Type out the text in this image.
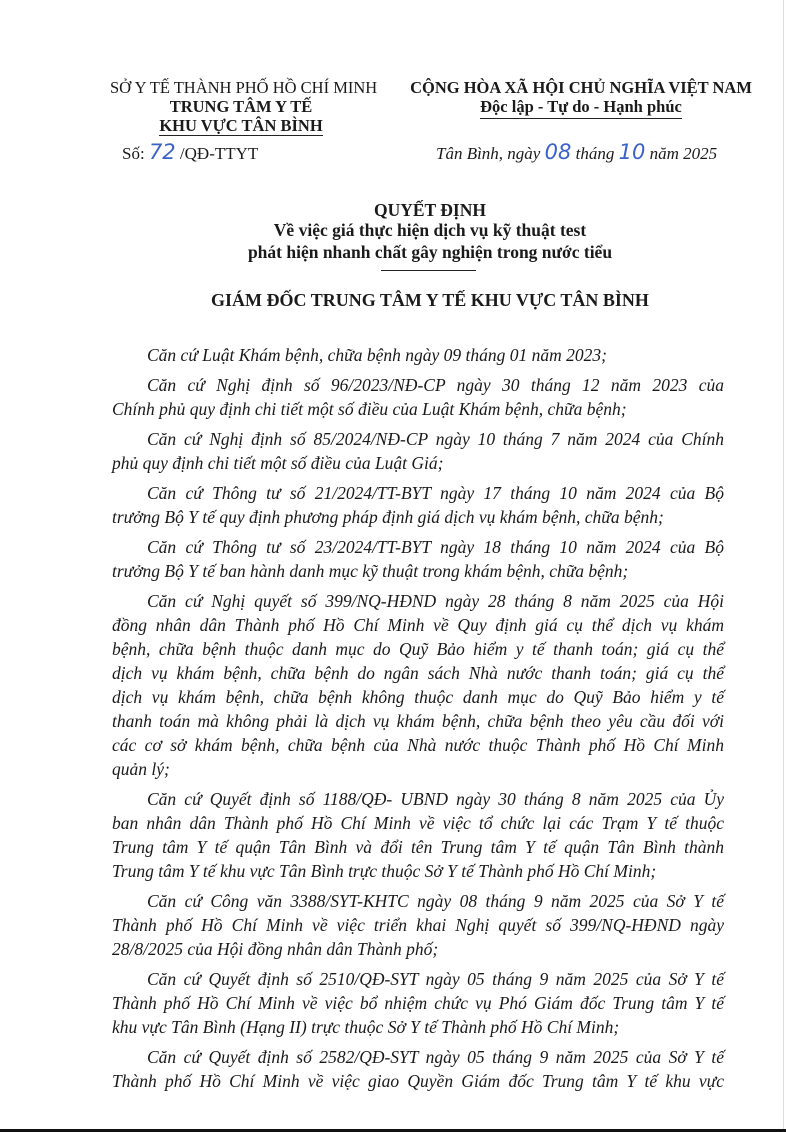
SỞ Y TẾ THÀNH PHỐ HỒ CHÍ MINH
TRUNG TÂM Y TẾ
KHU VỰC TÂN BÌNH
Số: 72 /QĐ-TTYT
CỘNG HÒA XÃ HỘI CHỦ NGHĨA VIỆT NAM
Độc lập - Tự do - Hạnh phúc
Tân Bình, ngày 08 tháng 10 năm 2025
QUYẾT ĐỊNH
Về việc giá thực hiện dịch vụ kỹ thuật test
phát hiện nhanh chất gây nghiện trong nước tiểu
GIÁM ĐỐC TRUNG TÂM Y TẾ KHU VỰC TÂN BÌNH
Căn cứ Luật Khám bệnh, chữa bệnh ngày 09 tháng 01 năm 2023;
Căn cứ Nghị định số 96/2023/NĐ-CP ngày 30 tháng 12 năm 2023 của
Chính phủ quy định chi tiết một số điều của Luật Khám bệnh, chữa bệnh;
Căn cứ Nghị định số 85/2024/NĐ-CP ngày 10 tháng 7 năm 2024 của Chính
phủ quy định chi tiết một số điều của Luật Giá;
Căn cứ Thông tư số 21/2024/TT-BYT ngày 17 tháng 10 năm 2024 của Bộ
trưởng Bộ Y tế quy định phương pháp định giá dịch vụ khám bệnh, chữa bệnh;
Căn cứ Thông tư số 23/2024/TT-BYT ngày 18 tháng 10 năm 2024 của Bộ
trưởng Bộ Y tế ban hành danh mục kỹ thuật trong khám bệnh, chữa bệnh;
Căn cứ Nghị quyết số 399/NQ-HĐND ngày 28 tháng 8 năm 2025 của Hội
đồng nhân dân Thành phố Hồ Chí Minh về Quy định giá cụ thể dịch vụ khám
bệnh, chữa bệnh thuộc danh mục do Quỹ Bảo hiểm y tế thanh toán; giá cụ thể
dịch vụ khám bệnh, chữa bệnh do ngân sách Nhà nước thanh toán; giá cụ thể
dịch vụ khám bệnh, chữa bệnh không thuộc danh mục do Quỹ Bảo hiểm y tế
thanh toán mà không phải là dịch vụ khám bệnh, chữa bệnh theo yêu cầu đối với
các cơ sở khám bệnh, chữa bệnh của Nhà nước thuộc Thành phố Hồ Chí Minh
quản lý;
Căn cứ Quyết định số 1188/QĐ- UBND ngày 30 tháng 8 năm 2025 của Ủy
ban nhân dân Thành phố Hồ Chí Minh về việc tổ chức lại các Trạm Y tế thuộc
Trung tâm Y tế quận Tân Bình và đổi tên Trung tâm Y tế quận Tân Bình thành
Trung tâm Y tế khu vực Tân Bình trực thuộc Sở Y tế Thành phố Hồ Chí Minh;
Căn cứ Công văn 3388/SYT-KHTC ngày 08 tháng 9 năm 2025 của Sở Y tế
Thành phố Hồ Chí Minh về việc triển khai Nghị quyết số 399/NQ-HĐND ngày
28/8/2025 của Hội đồng nhân dân Thành phố;
Căn cứ Quyết định số 2510/QĐ-SYT ngày 05 tháng 9 năm 2025 của Sở Y tế
Thành phố Hồ Chí Minh về việc bổ nhiệm chức vụ Phó Giám đốc Trung tâm Y tế
khu vực Tân Bình (Hạng II) trực thuộc Sở Y tế Thành phố Hồ Chí Minh;
Căn cứ Quyết định số 2582/QĐ-SYT ngày 05 tháng 9 năm 2025 của Sở Y tế
Thành phố Hồ Chí Minh về việc giao Quyền Giám đốc Trung tâm Y tế khu vực
